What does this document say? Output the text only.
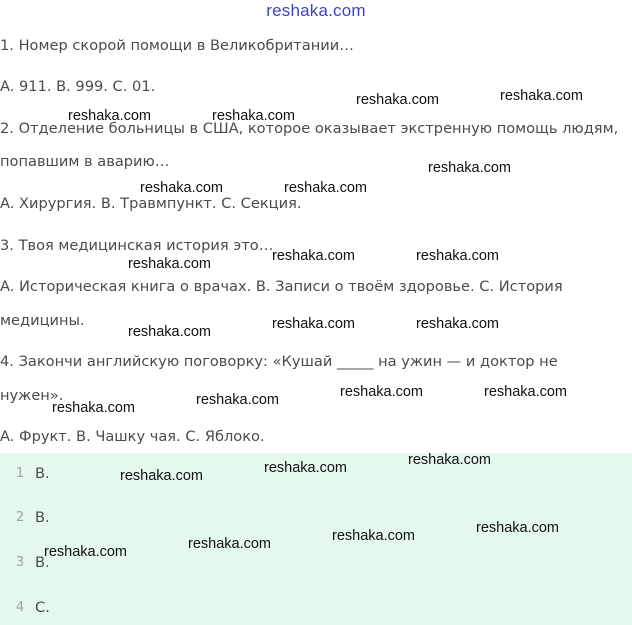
reshaka.com
1. Номер скорой помощи в Великобритании…
A. 911. B. 999. C. 01.
2. Отделение больницы в США, которое оказывает экстренную помощь людям,
попавшим в аварию…
A. Хирургия. B. Травмпункт. C. Секция.
3. Твоя медицинская история это…
A. Историческая книга о врачах. B. Записи о твоём здоровье. C. История
медицины.
4. Закончи английскую поговорку: «Кушай _____ на ужин — и доктор не
нужен».
A. Фрукт. B. Чашку чая. C. Яблоко.
1 B.
2 B.
3 B.
4 C.
reshaka.com	reshaka.com
reshaka.com	reshaka.com
reshaka.com
reshaka.com	reshaka.com
reshaka.com	reshaka.com
reshaka.com
reshaka.com	reshaka.com
reshaka.com
reshaka.com	reshaka.com
reshaka.com
reshaka.com
reshaka.com
reshaka.com
reshaka.com
reshaka.com
reshaka.com
reshaka.com
reshaka.com
